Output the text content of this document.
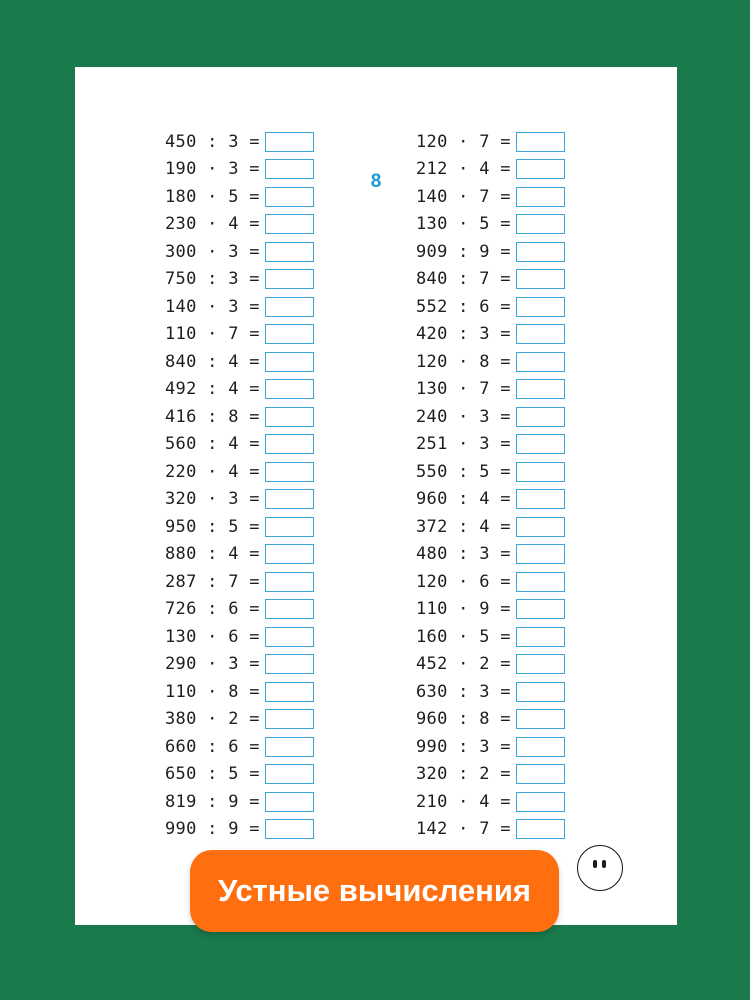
8
450 : 3 =
190 · 3 =
180 · 5 =
230 · 4 =
300 · 3 =
750 : 3 =
140 · 3 =
110 · 7 =
840 : 4 =
492 : 4 =
416 : 8 =
560 : 4 =
220 · 4 =
320 · 3 =
950 : 5 =
880 : 4 =
287 : 7 =
726 : 6 =
130 · 6 =
290 · 3 =
110 · 8 =
380 · 2 =
660 : 6 =
650 : 5 =
819 : 9 =
990 : 9 =
120 · 7 =
212 · 4 =
140 · 7 =
130 · 5 =
909 : 9 =
840 : 7 =
552 : 6 =
420 : 3 =
120 · 8 =
130 · 7 =
240 · 3 =
251 · 3 =
550 : 5 =
960 : 4 =
372 : 4 =
480 : 3 =
120 · 6 =
110 · 9 =
160 · 5 =
452 · 2 =
630 : 3 =
960 : 8 =
990 : 3 =
320 : 2 =
210 · 4 =
142 · 7 =
Устные вычисления
